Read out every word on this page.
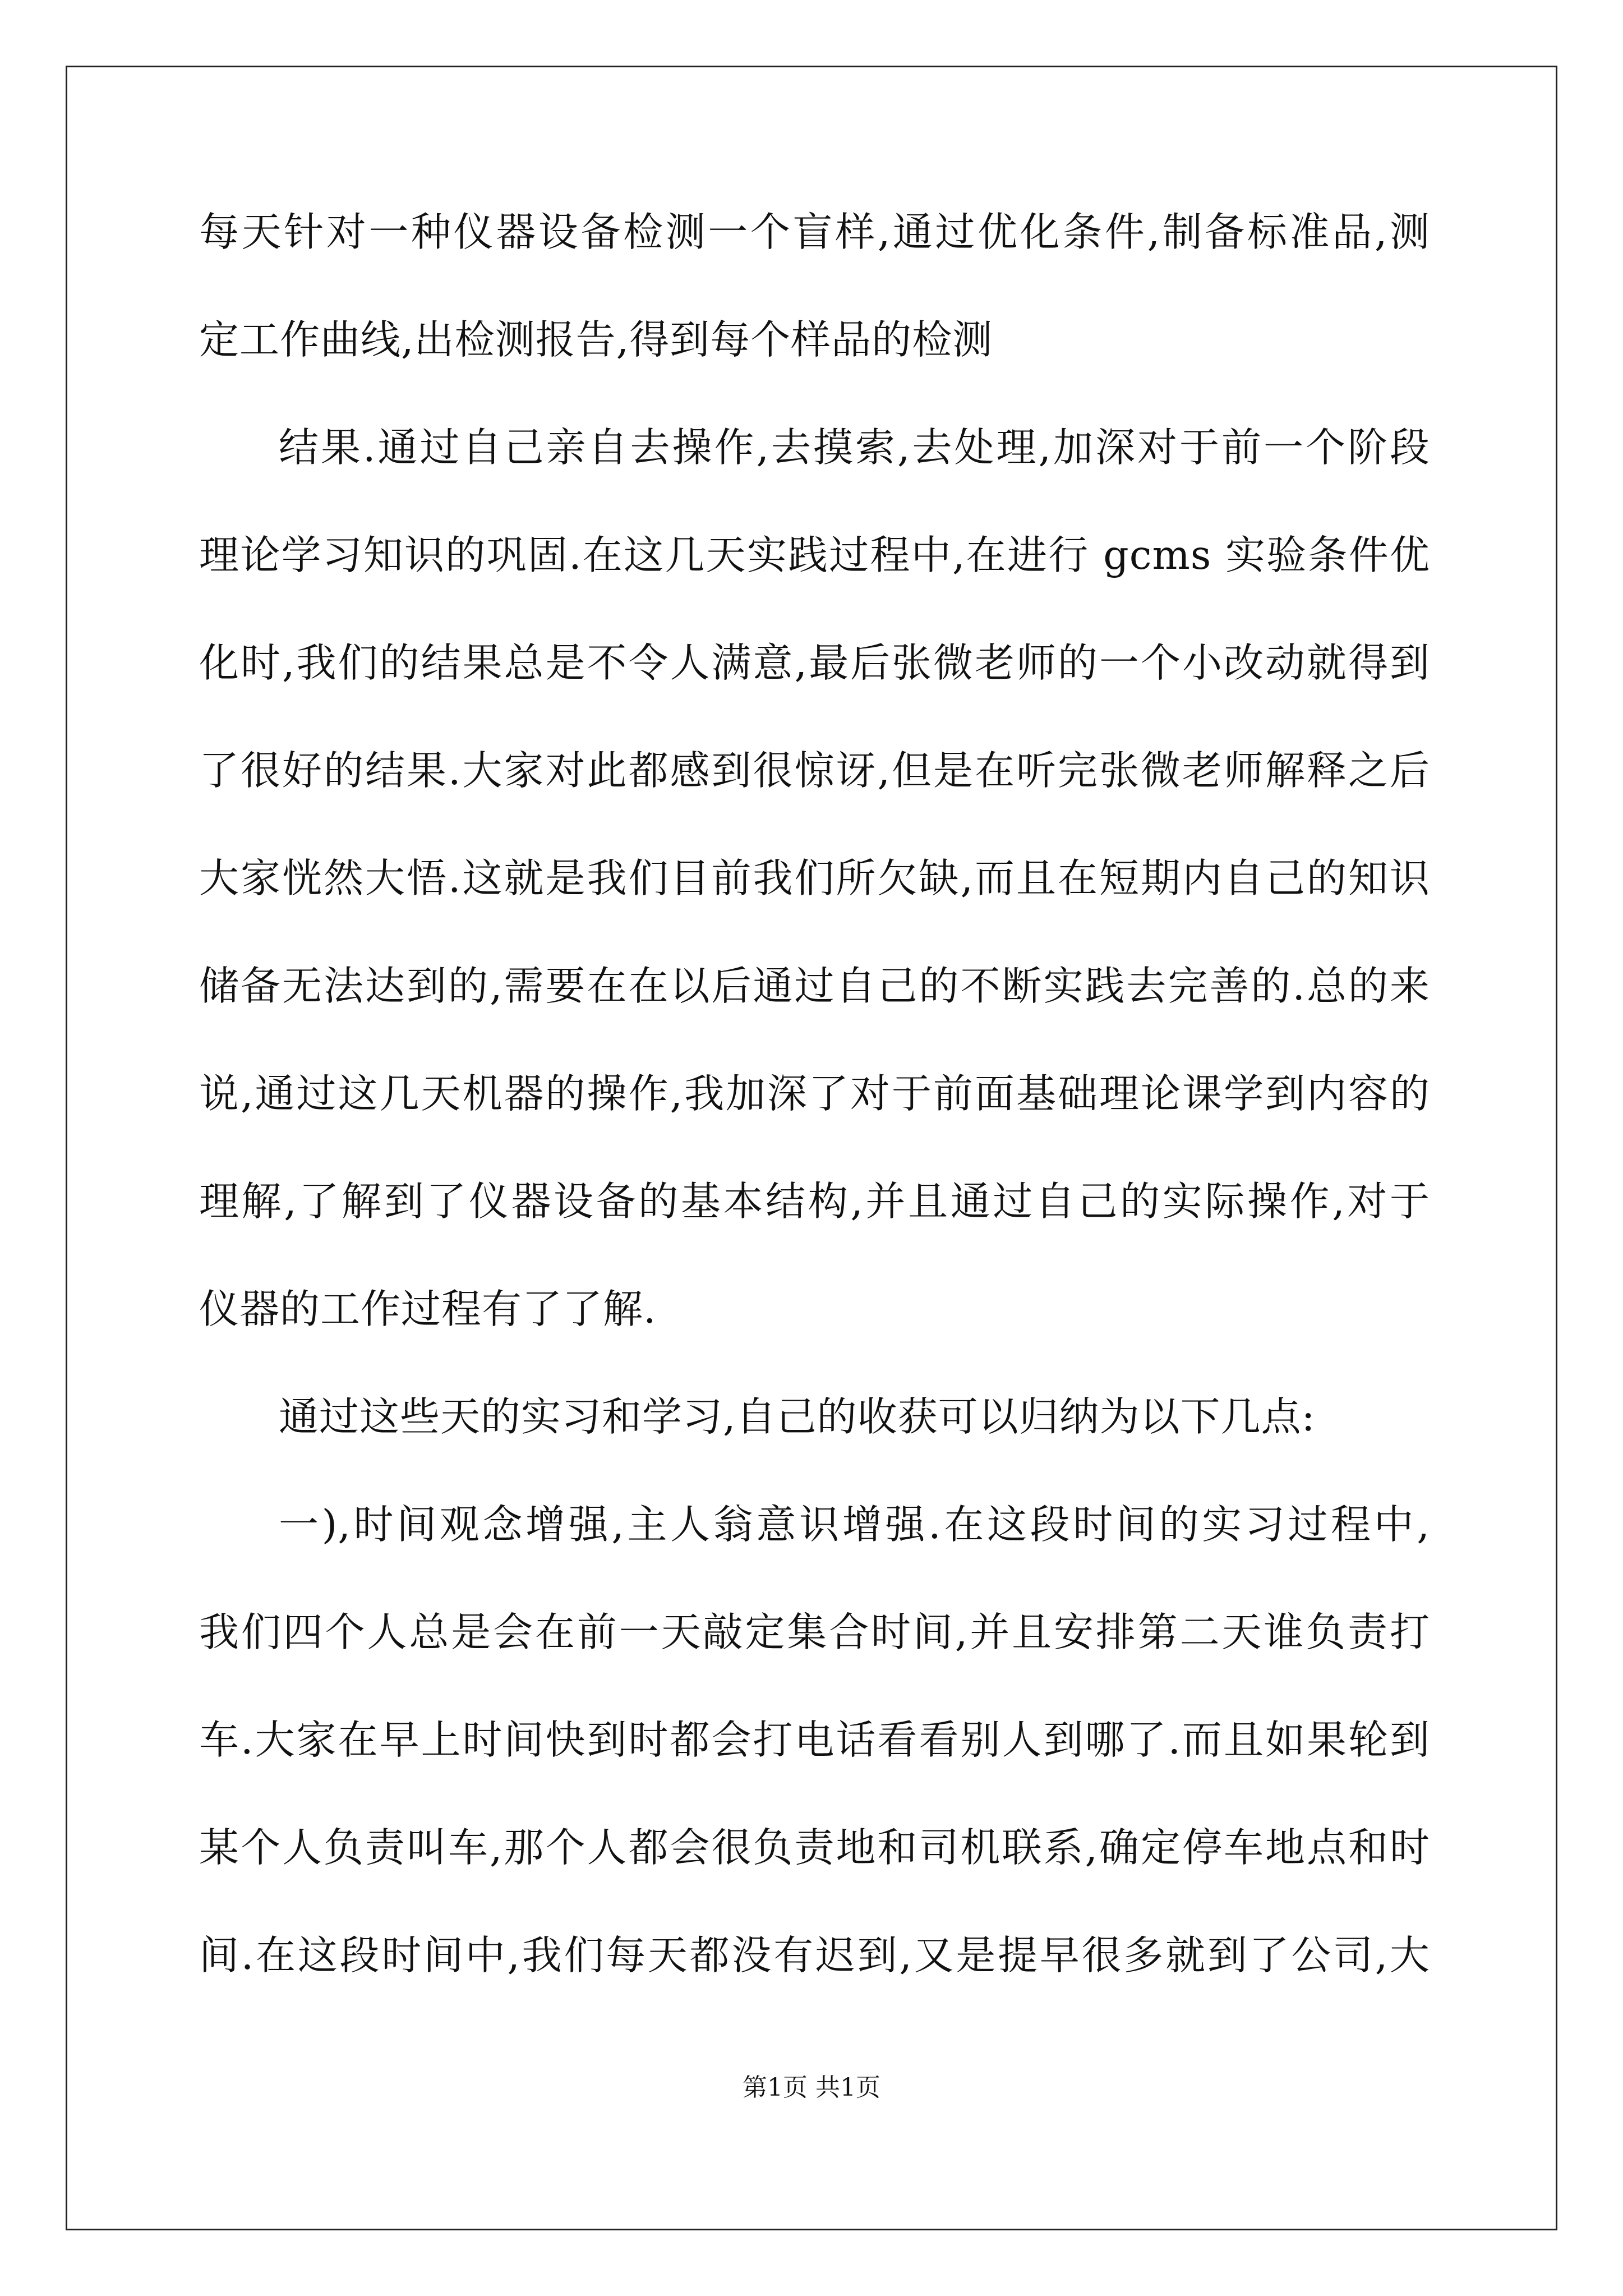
每天针对一种仪器设备检测一个盲样,通过优化条件,制备标准品,测
定工作曲线,出检测报告,得到每个样品的检测
结果.通过自己亲自去操作,去摸索,去处理,加深对于前一个阶段
理论学习知识的巩固.在这几天实践过程中,在进行 gcms 实验条件优
化时,我们的结果总是不令人满意,最后张微老师的一个小改动就得到
了很好的结果.大家对此都感到很惊讶,但是在听完张微老师解释之后
大家恍然大悟.这就是我们目前我们所欠缺,而且在短期内自己的知识
储备无法达到的,需要在在以后通过自己的不断实践去完善的.总的来
说,通过这几天机器的操作,我加深了对于前面基础理论课学到内容的
理解,了解到了仪器设备的基本结构,并且通过自己的实际操作,对于
仪器的工作过程有了了解.
通过这些天的实习和学习,自己的收获可以归纳为以下几点:
一),时间观念增强,主人翁意识增强.在这段时间的实习过程中,
我们四个人总是会在前一天敲定集合时间,并且安排第二天谁负责打
车.大家在早上时间快到时都会打电话看看别人到哪了.而且如果轮到
某个人负责叫车,那个人都会很负责地和司机联系,确定停车地点和时
间.在这段时间中,我们每天都没有迟到,又是提早很多就到了公司,大
第1页 共1页
